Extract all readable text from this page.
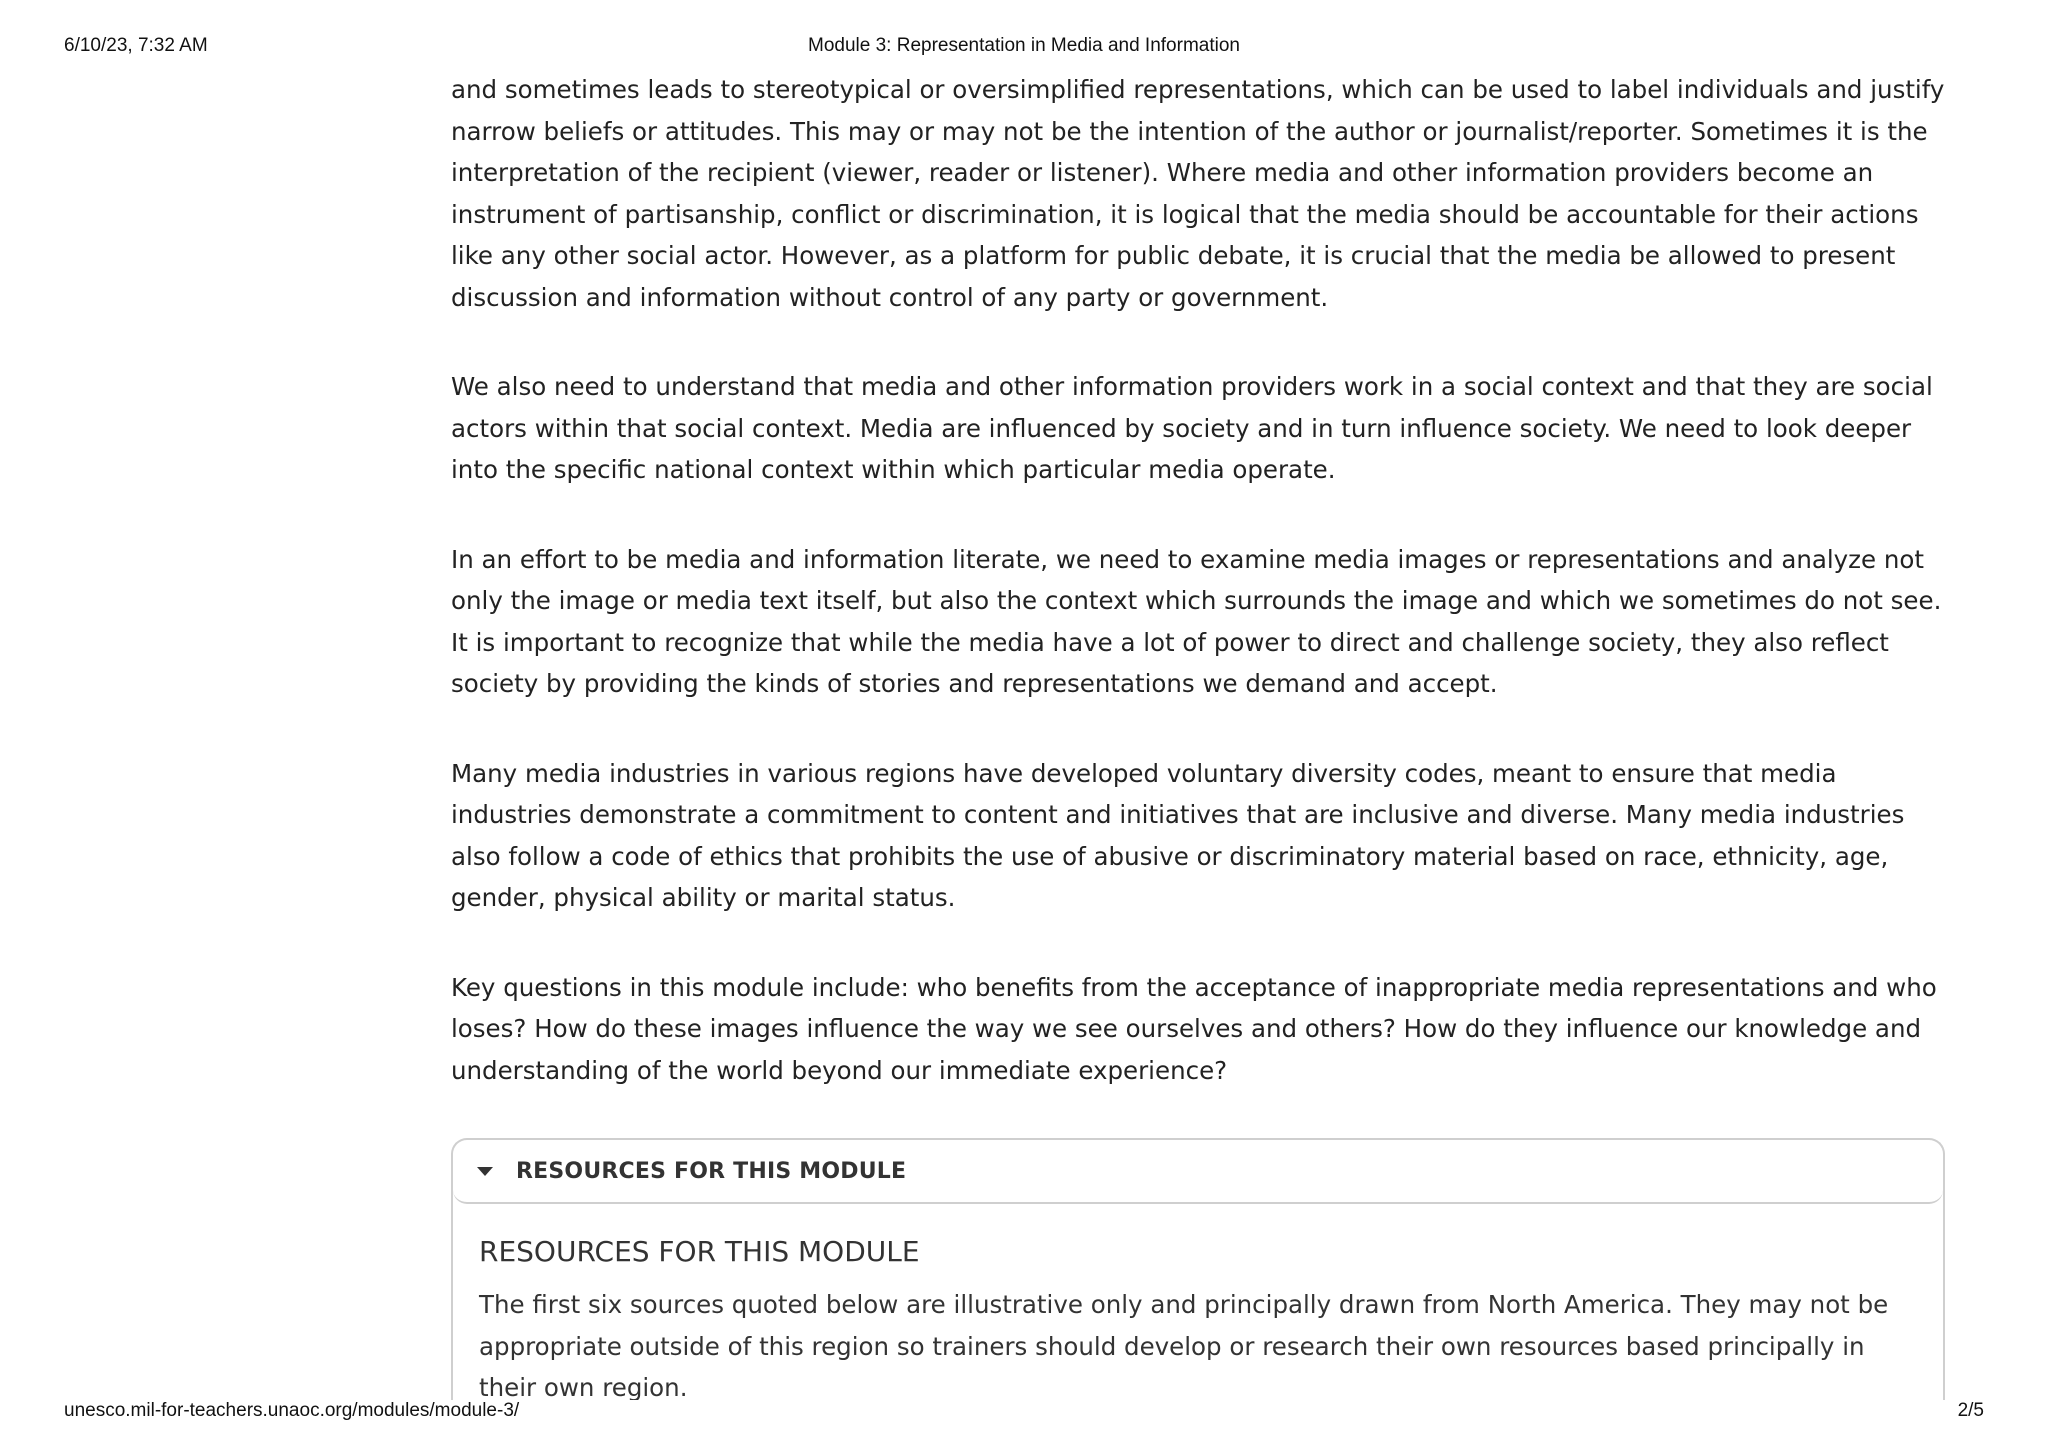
6/10/23, 7:32 AM	Module 3: Representation in Media and Information

and sometimes leads to stereotypical or oversimplified representations, which can be used to label individuals and justify narrow beliefs or attitudes. This may or may not be the intention of the author or journalist/reporter. Sometimes it is the interpretation of the recipient (viewer, reader or listener). Where media and other information providers become an instrument of partisanship, conflict or discrimination, it is logical that the media should be accountable for their actions like any other social actor. However, as a platform for public debate, it is crucial that the media be allowed to present discussion and information without control of any party or government.

We also need to understand that media and other information providers work in a social context and that they are social actors within that social context. Media are influenced by society and in turn influence society. We need to look deeper into the specific national context within which particular media operate.

In an effort to be media and information literate, we need to examine media images or representations and analyze not only the image or media text itself, but also the context which surrounds the image and which we sometimes do not see. It is important to recognize that while the media have a lot of power to direct and challenge society, they also reflect society by providing the kinds of stories and representations we demand and accept.

Many media industries in various regions have developed voluntary diversity codes, meant to ensure that media industries demonstrate a commitment to content and initiatives that are inclusive and diverse. Many media industries also follow a code of ethics that prohibits the use of abusive or discriminatory material based on race, ethnicity, age, gender, physical ability or marital status.

Key questions in this module include: who benefits from the acceptance of inappropriate media representations and who loses? How do these images influence the way we see ourselves and others? How do they influence our knowledge and understanding of the world beyond our immediate experience?

RESOURCES FOR THIS MODULE
RESOURCES FOR THIS MODULE

The first six sources quoted below are illustrative only and principally drawn from North America. They may not be appropriate outside of this region so trainers should develop or research their own resources based principally in their own region.

unesco.mil-for-teachers.unaoc.org/modules/module-3/	2/5
